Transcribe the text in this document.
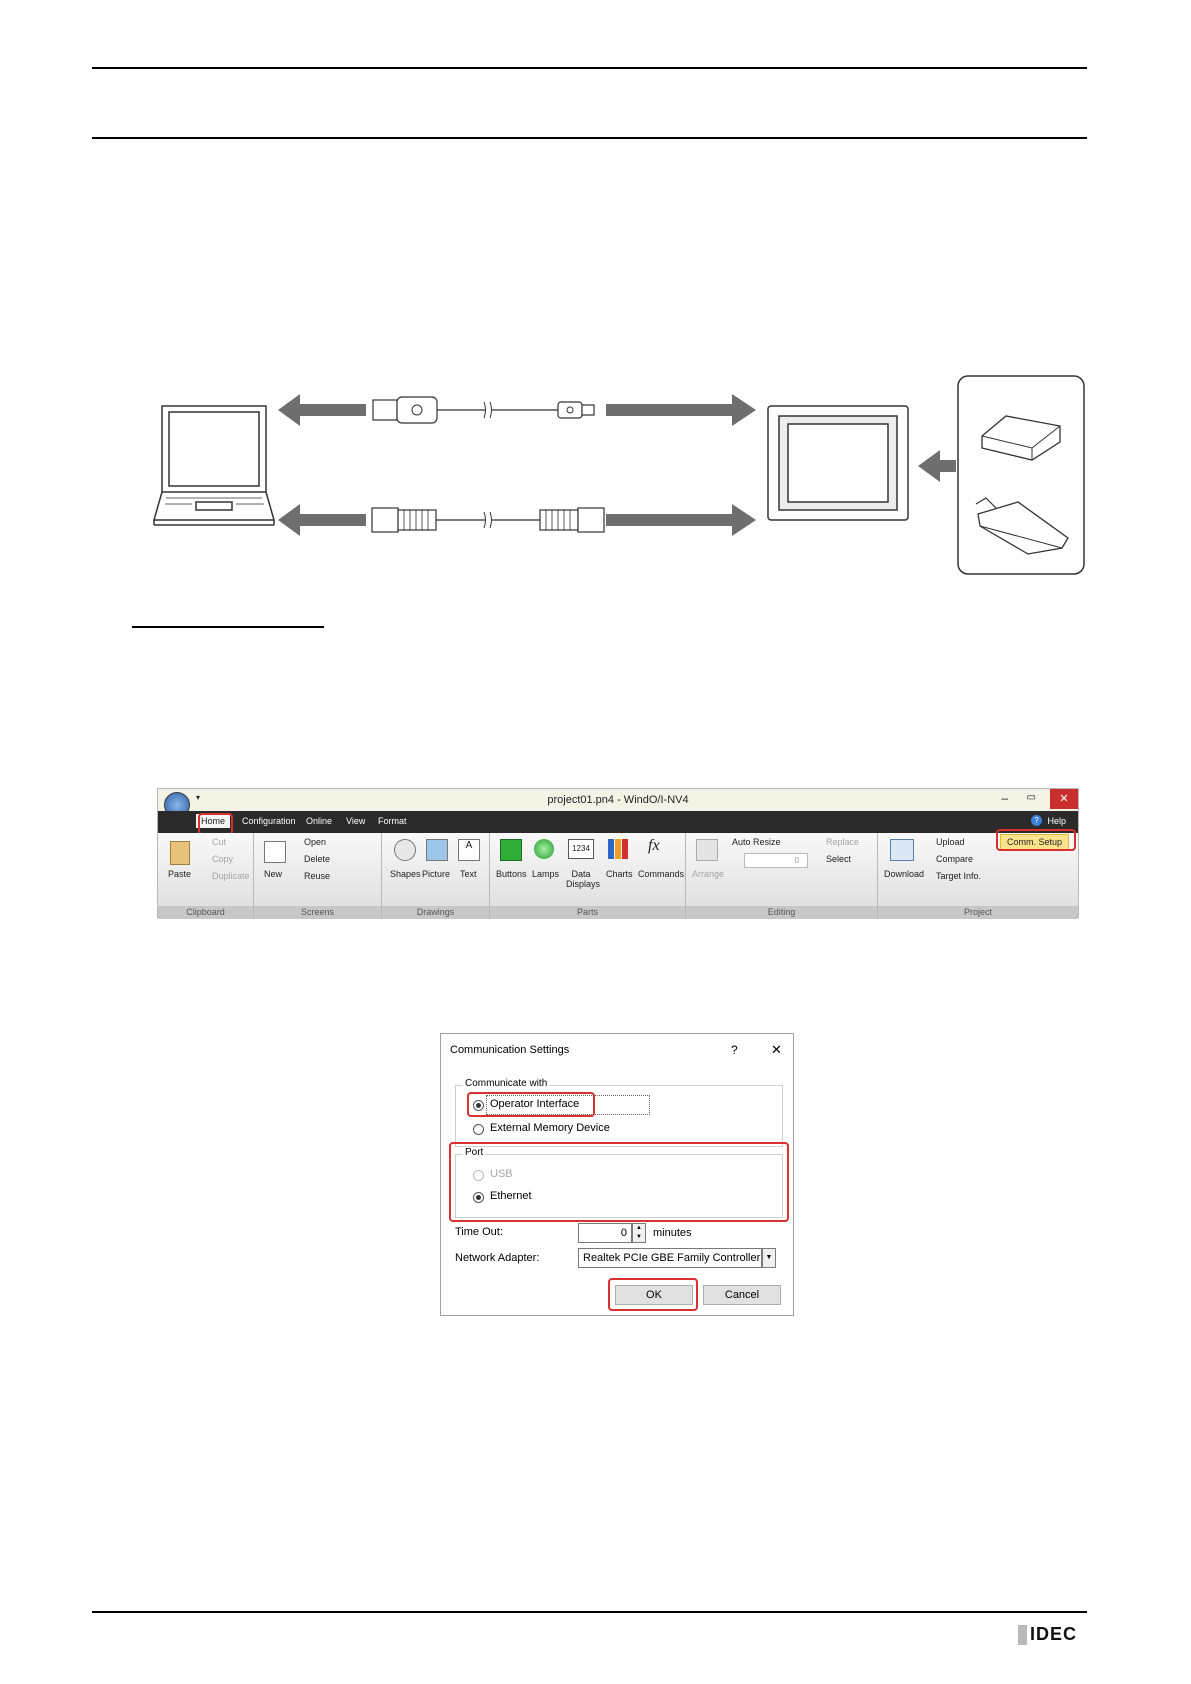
▾	project01.pn4 - WindO/I-NV4	– ▭	✕
Home	Configuration Online View Format	? Help
Paste
Cut
Copy
Duplicate
Clipboard
New
Open
Delete
Reuse
Screens
Shapes Picture
A
Text
Drawings
Buttons Lamps
1234
Data Displays
Charts
fx
Commands
Parts
Arrange
Auto Resize
0
Replace
Select
Editing
Download
Upload
Compare
Target Info.
Comm. Setup
Project
Communication Settings	?	✕
Communicate with
Operator Interface
External Memory Device
Port
USB
Ethernet
Time Out:	0	▲
▼	minutes
Network Adapter:	Realtek PCIe GBE Family Controller ▼
OK	Cancel
IDEC
